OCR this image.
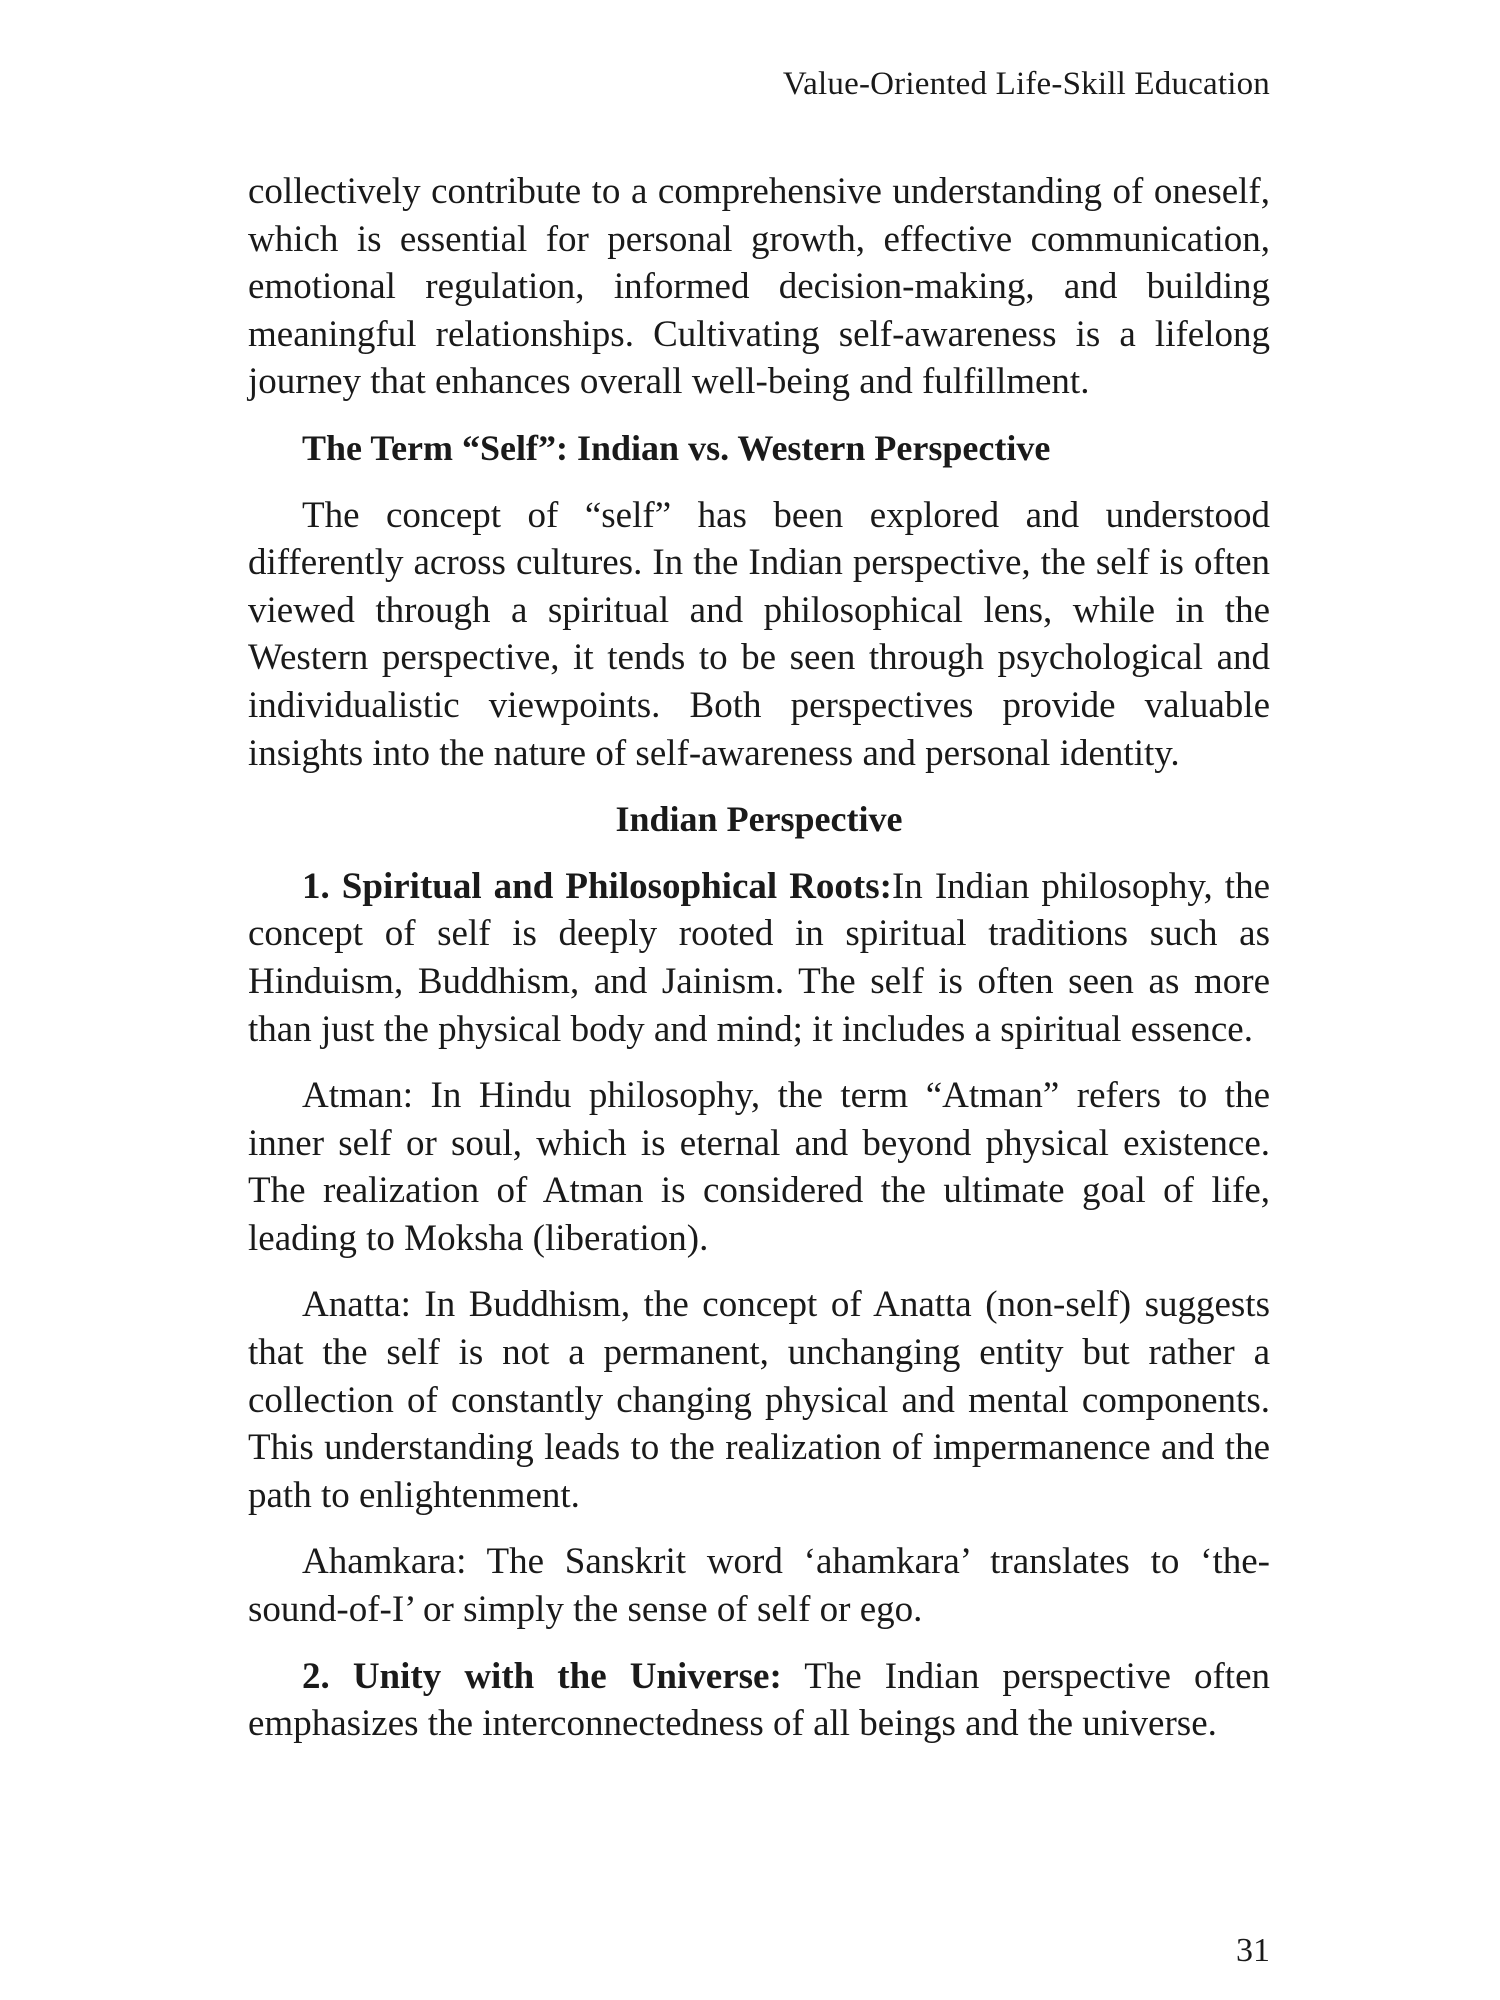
Value-Oriented Life-Skill Education

collectively contribute to a comprehensive understanding of oneself, which is essential for personal growth, effective communication, emotional regulation, informed decision-making, and building meaningful relationships. Cultivating self-awareness is a lifelong journey that enhances overall well-being and fulfillment.

The Term “Self”: Indian vs. Western Perspective

The concept of “self” has been explored and understood differently across cultures. In the Indian perspective, the self is often viewed through a spiritual and philosophical lens, while in the Western perspective, it tends to be seen through psychological and individualistic viewpoints. Both perspectives provide valuable insights into the nature of self-awareness and personal identity.

Indian Perspective

1. Spiritual and Philosophical Roots:In Indian philosophy, the concept of self is deeply rooted in spiritual traditions such as Hinduism, Buddhism, and Jainism. The self is often seen as more than just the physical body and mind; it includes a spiritual essence.

Atman: In Hindu philosophy, the term “Atman” refers to the inner self or soul, which is eternal and beyond physical existence. The realization of Atman is considered the ultimate goal of life, leading to Moksha (liberation).

Anatta: In Buddhism, the concept of Anatta (non-self) suggests that the self is not a permanent, unchanging entity but rather a collection of constantly changing physical and mental components. This understanding leads to the realization of impermanence and the path to enlightenment.

Ahamkara: The Sanskrit word ‘ahamkara’ translates to ‘the-sound-of-I’ or simply the sense of self or ego.

2. Unity with the Universe: The Indian perspective often emphasizes the interconnectedness of all beings and the universe.

31
